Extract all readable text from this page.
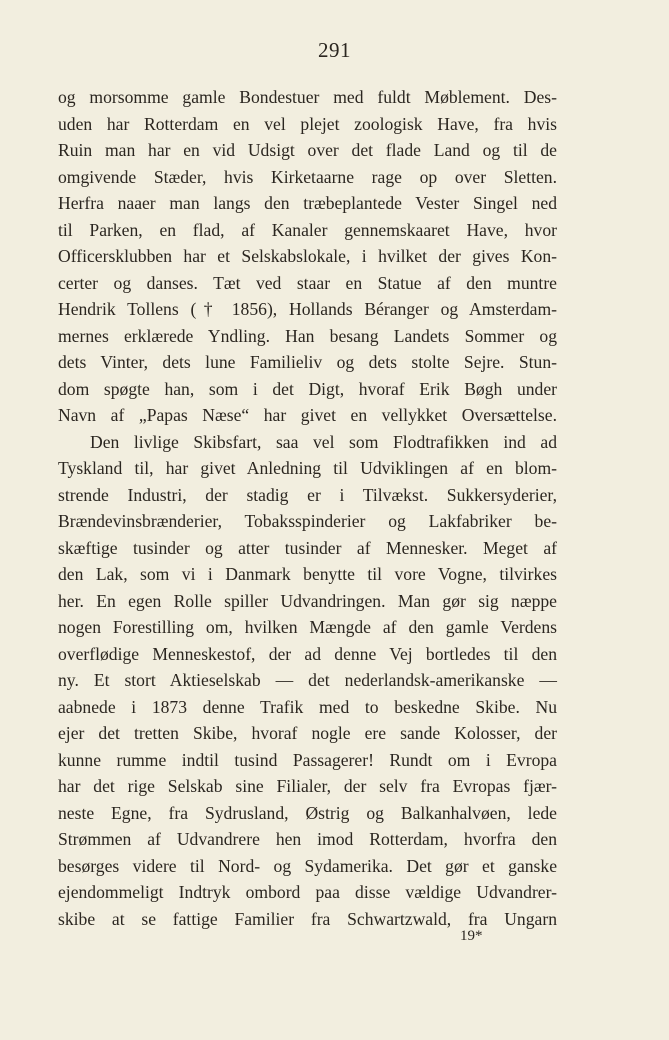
291
og morsomme gamle Bondestuer med fuldt Møblement. Des-
uden har Rotterdam en vel plejet zoologisk Have, fra hvis
Ruin man har en vid Udsigt over det flade Land og til de
omgivende Stæder, hvis Kirketaarne rage op over Sletten.
Herfra naaer man langs den træbeplantede Vester Singel ned
til Parken, en flad, af Kanaler gennemskaaret Have, hvor
Officersklubben har et Selskabslokale, i hvilket der gives Kon-
certer og danses. Tæt ved staar en Statue af den muntre
Hendrik Tollens († 1856), Hollands Béranger og Amsterdam-
mernes erklærede Yndling. Han besang Landets Sommer og
dets Vinter, dets lune Familieliv og dets stolte Sejre. Stun-
dom spøgte han, som i det Digt, hvoraf Erik Bøgh under
Navn af „Papas Næse“ har givet en vellykket Oversættelse.
Den livlige Skibsfart, saa vel som Flodtrafikken ind ad
Tyskland til, har givet Anledning til Udviklingen af en blom-
strende Industri, der stadig er i Tilvækst. Sukkersyderier,
Brændevinsbrænderier, Tobaksspinderier og Lakfabriker be-
skæftige tusinder og atter tusinder af Mennesker. Meget af
den Lak, som vi i Danmark benytte til vore Vogne, tilvirkes
her. En egen Rolle spiller Udvandringen. Man gør sig næppe
nogen Forestilling om, hvilken Mængde af den gamle Verdens
overflødige Menneskestof, der ad denne Vej bortledes til den
ny. Et stort Aktieselskab — det nederlandsk-amerikanske —
aabnede i 1873 denne Trafik med to beskedne Skibe. Nu
ejer det tretten Skibe, hvoraf nogle ere sande Kolosser, der
kunne rumme indtil tusind Passagerer! Rundt om i Evropa
har det rige Selskab sine Filialer, der selv fra Evropas fjær-
neste Egne, fra Sydrusland, Østrig og Balkanhalvøen, lede
Strømmen af Udvandrere hen imod Rotterdam, hvorfra den
besørges videre til Nord- og Sydamerika. Det gør et ganske
ejendommeligt Indtryk ombord paa disse vældige Udvandrer-
skibe at se fattige Familier fra Schwartzwald, fra Ungarn
19*
